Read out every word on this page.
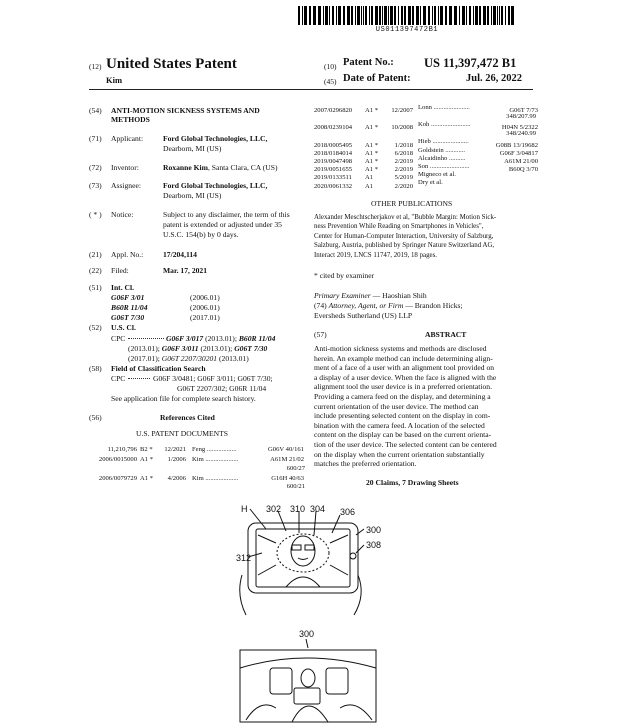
US011397472B1
(12) United States Patent
Kim
(10) Patent No.: US 11,397,472 B1
(45) Date of Patent:	Jul. 26, 2022
(54) ANTI-MOTION SICKNESS SYSTEMS AND
METHODS
(71) Applicant:	Ford Global Technologies, LLC,
Dearborn, MI (US)
(72) Inventor:	Roxanne Kim, Santa Clara, CA (US)
(73) Assignee:	Ford Global Technologies, LLC,
Dearborn, MI (US)
( * ) Notice:	Subject to any disclaimer, the term of this
patent is extended or adjusted under 35
U.S.C. 154(b) by 0 days.
(21) Appl. No.:	17/204,114
(22) Filed:	Mar. 17, 2021
(51) Int. Cl.
G06F 3/01	(2006.01)
B60R 11/04	(2006.01)
G06T 7/30	(2017.01)
(52) U.S. Cl.
CPC	G06F 3/017 (2013.01); B60R 11/04
(2013.01); G06F 3/011 (2013.01); G06T 7/30
(2017.01); G06T 2207/30201 (2013.01)
(58) Field of Classification Search
CPC	G06F 3/0481; G06F 3/011; G06T 7/30;
G06T 2207/302; G06R 11/04
See application file for complete search history.
(56)	References Cited
U.S. PATENT DOCUMENTS
11,210,796 B2 * 12/2021 Feng ..................	G06V 40/161
2006/0015000 A1 * 1/2006 Kim ....................	A61M 21/02
600/27
2006/0079729 A1 * 4/2006 Kim ....................	G16H 40/63
600/21
2007/0296820 A1 * 12/2007 Lonn ......................	G06T 7/73
348/207.99
2008/0239104 A1 * 10/2008 Koh ........................	H04N 5/2322
348/240.99
2018/0005495 A1 *	1/2018 Hieb ......................	G08B 13/19682
2018/0184014 A1 *	6/2018 Goldstein ............	G06F 3/04817
2019/0047498 A1 *	2/2019 Alcaidinho ..........	A61M 21/00
2019/0051655 A1 *	2/2019 Son ........................	B60Q 3/70
2019/0133511 A1	5/2019 Migneco et al.
2020/0061332 A1	2/2020 Dry et al.
OTHER PUBLICATIONS
Alexander Meschtscherjakov et al, "Bubble Margin: Motion Sick-
ness Prevention While Reading on Smartphones in Vehicles",
Center for Human-Computer Interaction, University of Salzburg,
Salzburg, Austria, published by Springer Nature Switzerland AG,
Interact 2019, LNCS 11747, 2019, 18 pages.
* cited by examiner
Primary Examiner — Haoshian Shih
(74) Attorney, Agent, or Firm — Brandon Hicks;
Eversheds Sutherland (US) LLP
(57)	ABSTRACT
Anti-motion sickness systems and methods are disclosed
herein. An example method can include determining align-
ment of a face of a user with an alignment tool provided on
a display of a user device. When the face is aligned with the
alignment tool the user device is in a preferred orientation.
Providing a camera feed on the display, and determining a
current orientation of the user device. The method can
include presenting selected content on the display in com-
bination with the camera feed. A location of the selected
content on the display can be based on the current orienta-
tion of the user device. The selected content can be centered
on the display when the current orientation substantially
matches the preferred orientation.
20 Claims, 7 Drawing Sheets
H 302 310 304 306
300
308
312
300
